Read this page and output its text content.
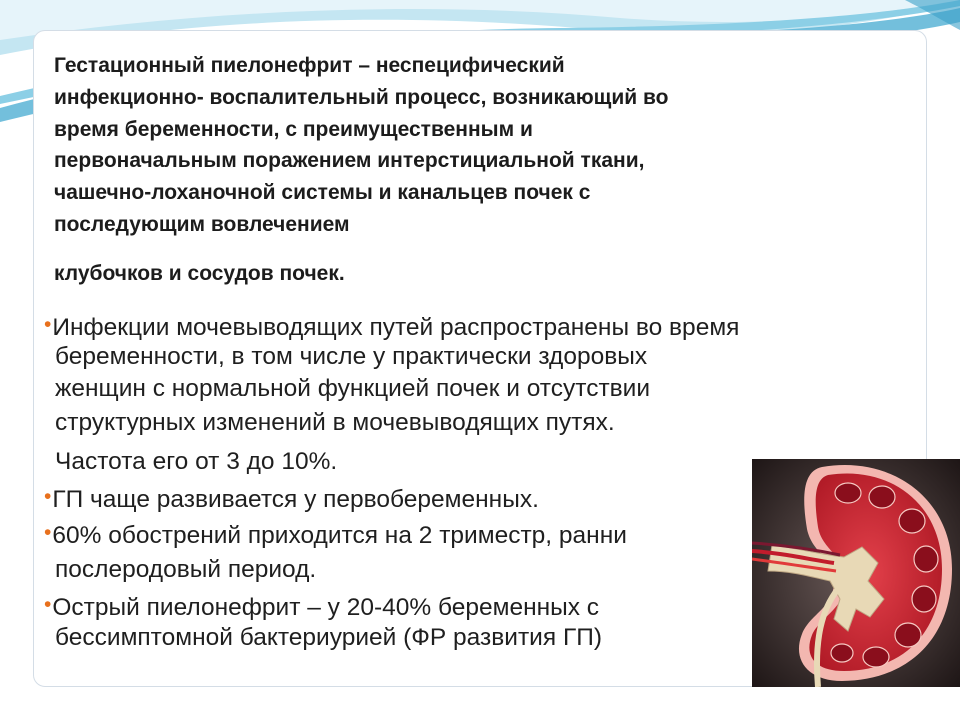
Гестационный пиелонефрит – неспецифический
инфекционно- воспалительный процесс, возникающий во
время беременности, с преимущественным и
первоначальным поражением интерстициальной ткани,
чашечно-лоханочной системы и канальцев почек с
последующим вовлечением

клубочков и сосудов почек.

•Инфекции мочевыводящих путей распространены во время

беременности, в том числе у практически здоровых

женщин с нормальной функцией почек и отсутствии

структурных изменений в мочевыводящих путях.

Частота его от 3 до 10%.

•ГП чаще развивается у первобеременных.

•60% обострений приходится на 2 триместр, ранни

послеродовый период.

•Острый пиелонефрит – у 20-40% беременных с

бессимптомной бактериурией (ФР развития ГП)
